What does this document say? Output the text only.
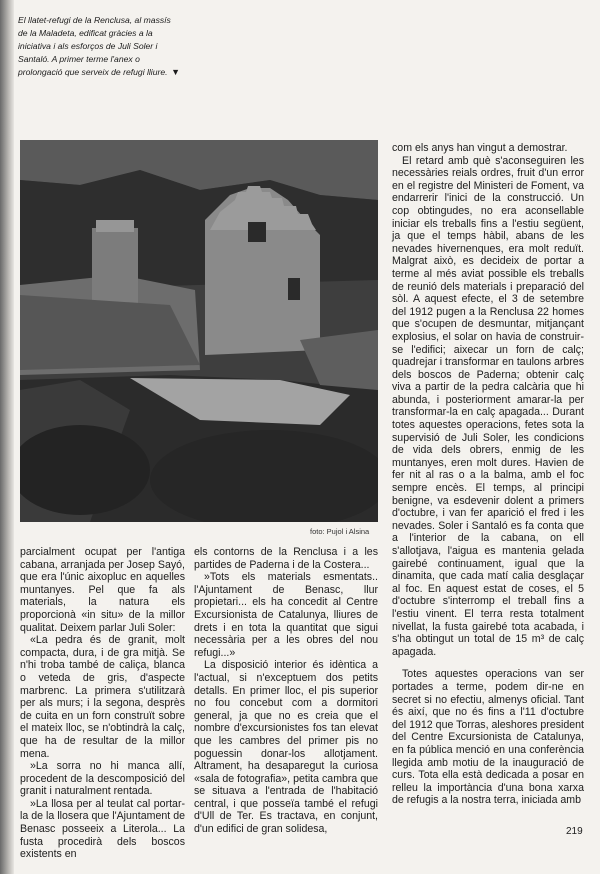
El llatet-refugi de la Renclusa, al massís de la Maladeta, edificat gràcies a la iniciativa i als esforços de Juli Soler i Santaló. A primer terme l'anex o prolongació que serveix de refugi lliure. ▼

foto: Pujol i Alsina

parcialment ocupat per l'antiga cabana, arranjada per Josep Sayó, que era l'únic aixopluc en aquelles muntanyes. Pel que fa als materials, la natura els proporcionà «in situ» de la millor qualitat. Deixem parlar Juli Soler:

«La pedra és de granit, molt compacta, dura, i de gra mitjà. Se n'hi troba també de caliça, blanca o veteda de gris, d'aspecte marbrenc. La primera s'utilitzarà per als murs; i la segona, desprès de cuita en un forn construït sobre el mateix lloc, se n'obtindrà la calç, que ha de resultar de la millor mena.

»La sorra no hi manca allí, procedent de la descomposició del granit i naturalment rentada.

»La llosa per al teulat cal portar-la de la llosera que l'Ajuntament de Benasc posseeix a Literola... La fusta procedirà dels boscos existents en

els contorns de la Renclusa i a les partides de Paderna i de la Costera...

»Tots els materials esmentats.. l'Ajuntament de Benasc, llur propietari... els ha concedit al Centre Excursionista de Catalunya, lliures de drets i en tota la quantitat que sigui necessària per a les obres del nou refugi...»

La disposició interior és idèntica a l'actual, si n'exceptuem dos petits detalls. En primer lloc, el pis superior no fou concebut com a dormitori general, ja que no es creia que el nombre d'excursionistes fos tan elevat que les cambres del primer pis no poguessin donar-los allotjament. Altrament, ha desaparegut la curiosa «sala de fotografia», petita cambra que se situava a l'entrada de l'habitació central, i que posseïa també el refugi d'Ull de Ter. Es tractava, en conjunt, d'un edifici de gran solidesa,

com els anys han vingut a demostrar.

El retard amb què s'aconseguiren les necessàries reials ordres, fruit d'un error en el registre del Ministeri de Foment, va endarrerir l'inici de la construcció. Un cop obtingudes, no era aconsellable iniciar els treballs fins a l'estiu següent, ja que el temps hàbil, abans de les nevades hivernenques, era molt reduït. Malgrat això, es decideix de portar a terme al més aviat possible els treballs de reunió dels materials i preparació del sòl. A aquest efecte, el 3 de setembre del 1912 pugen a la Renclusa 22 homes que s'ocupen de desmuntar, mitjançant explosius, el solar on havia de construir-se l'edifici; aixecar un forn de calç; quadrejar i transformar en taulons arbres dels boscos de Paderna; obtenir calç viva a partir de la pedra calcària que hi abunda, i posteriorment amarar-la per transformar-la en calç apagada... Durant totes aquestes operacions, fetes sota la supervisió de Juli Soler, les condicions de vida dels obrers, enmig de les muntanyes, eren molt dures. Havien de fer nit al ras o a la balma, amb el foc sempre encès. El temps, al principi benigne, va esdevenir dolent a primers d'octubre, i van fer aparició el fred i les nevades. Soler i Santaló es fa conta que a l'interior de la cabana, on ell s'allotjava, l'aigua es mantenia gelada gairebé continuament, igual que la dinamita, que cada matí calia desglaçar al foc. En aquest estat de coses, el 5 d'octubre s'interromp el treball fins a l'estiu vinent. El terra resta totalment nivellat, la fusta gairebé tota acabada, i s'ha obtingut un total de 15 m³ de calç apagada.

Totes aquestes operacions van ser portades a terme, podem dir-ne en secret si no efectiu, almenys oficial. Tant és així, que no és fins a l'11 d'octubre del 1912 que Torras, aleshores president del Centre Excursionista de Catalunya, en fa pública menció en una conferència llegida amb motiu de la inauguració de curs. Tota ella està dedicada a posar en relleu la importància d'una bona xarxa de refugis a la nostra terra, iniciada amb

219
